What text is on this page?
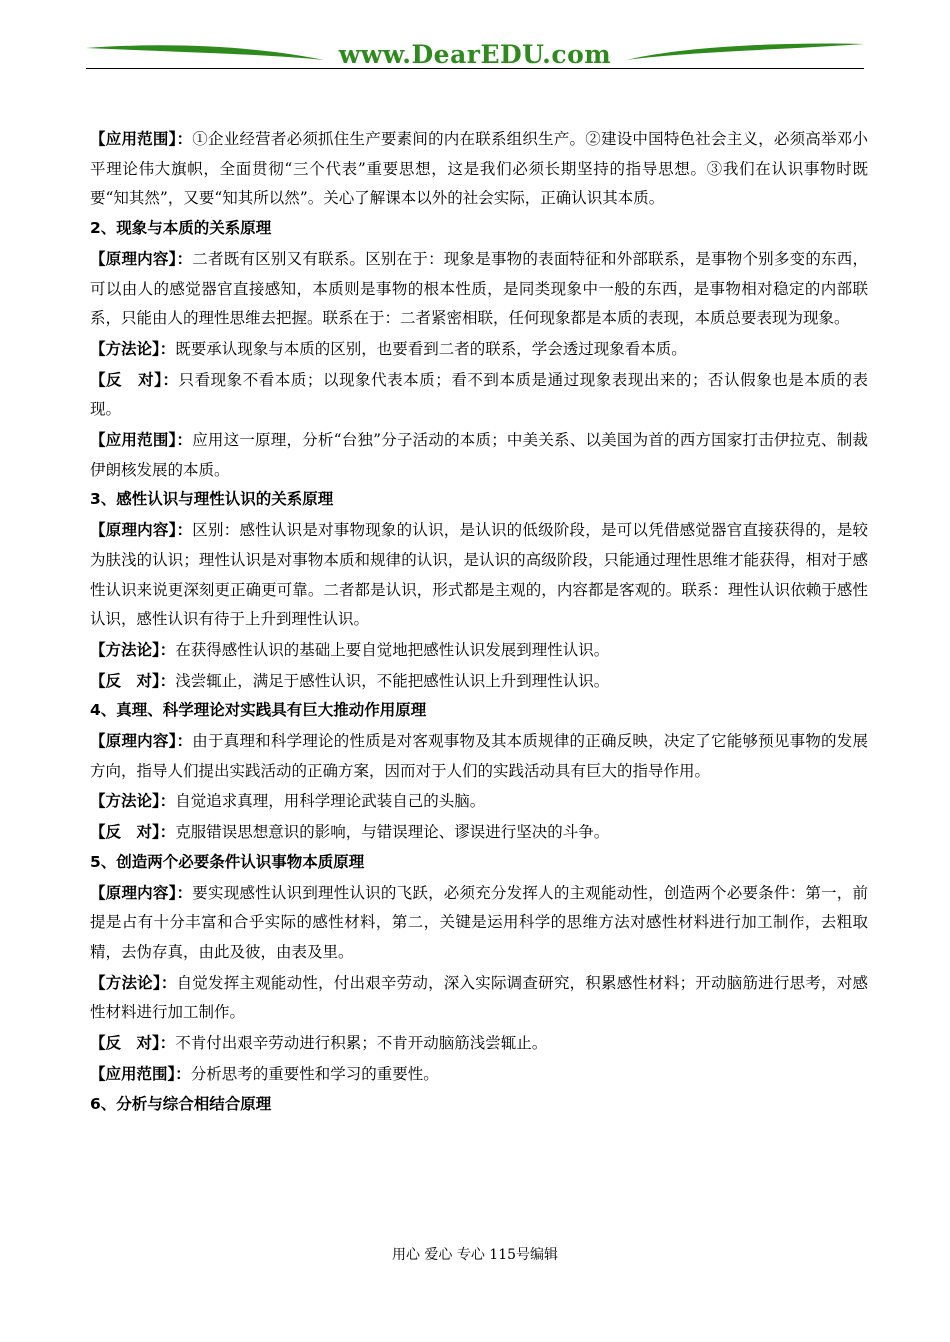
www.DearEDU.com

【应用范围】：①企业经营者必须抓住生产要素间的内在联系组织生产。②建设中国特色社会主义，必须高举邓小平理论伟大旗帜，全面贯彻“三个代表”重要思想，这是我们必须长期坚持的指导思想。③我们在认识事物时既要“知其然”，又要“知其所以然”。关心了解课本以外的社会实际，正确认识其本质。

2、现象与本质的关系原理

【原理内容】：二者既有区别又有联系。区别在于：现象是事物的表面特征和外部联系，是事物个别多变的东西，可以由人的感觉器官直接感知，本质则是事物的根本性质，是同类现象中一般的东西，是事物相对稳定的内部联系，只能由人的理性思维去把握。联系在于：二者紧密相联，任何现象都是本质的表现，本质总要表现为现象。

【方法论】：既要承认现象与本质的区别，也要看到二者的联系，学会透过现象看本质。

【反　对】：只看现象不看本质；以现象代表本质；看不到本质是通过现象表现出来的；否认假象也是本质的表现。

【应用范围】：应用这一原理，分析“台独”分子活动的本质；中美关系、以美国为首的西方国家打击伊拉克、制裁伊朗核发展的本质。

3、感性认识与理性认识的关系原理

【原理内容】：区别：感性认识是对事物现象的认识，是认识的低级阶段，是可以凭借感觉器官直接获得的，是较为肤浅的认识；理性认识是对事物本质和规律的认识，是认识的高级阶段，只能通过理性思维才能获得，相对于感性认识来说更深刻更正确更可靠。二者都是认识，形式都是主观的，内容都是客观的。联系：理性认识依赖于感性认识，感性认识有待于上升到理性认识。

【方法论】：在获得感性认识的基础上要自觉地把感性认识发展到理性认识。

【反　对】：浅尝辄止，满足于感性认识，不能把感性认识上升到理性认识。

4、真理、科学理论对实践具有巨大推动作用原理

【原理内容】：由于真理和科学理论的性质是对客观事物及其本质规律的正确反映，决定了它能够预见事物的发展方向，指导人们提出实践活动的正确方案，因而对于人们的实践活动具有巨大的指导作用。

【方法论】：自觉追求真理，用科学理论武装自己的头脑。

【反　对】：克服错误思想意识的影响，与错误理论、谬误进行坚决的斗争。

5、创造两个必要条件认识事物本质原理

【原理内容】：要实现感性认识到理性认识的飞跃，必须充分发挥人的主观能动性，创造两个必要条件：第一，前提是占有十分丰富和合乎实际的感性材料，第二，关键是运用科学的思维方法对感性材料进行加工制作，去粗取精，去伪存真，由此及彼，由表及里。

【方法论】：自觉发挥主观能动性，付出艰辛劳动，深入实际调查研究，积累感性材料；开动脑筋进行思考，对感性材料进行加工制作。

【反　对】：不肯付出艰辛劳动进行积累；不肯开动脑筋浅尝辄止。

【应用范围】：分析思考的重要性和学习的重要性。

6、分析与综合相结合原理

用心 爱心 专心 115号编辑
